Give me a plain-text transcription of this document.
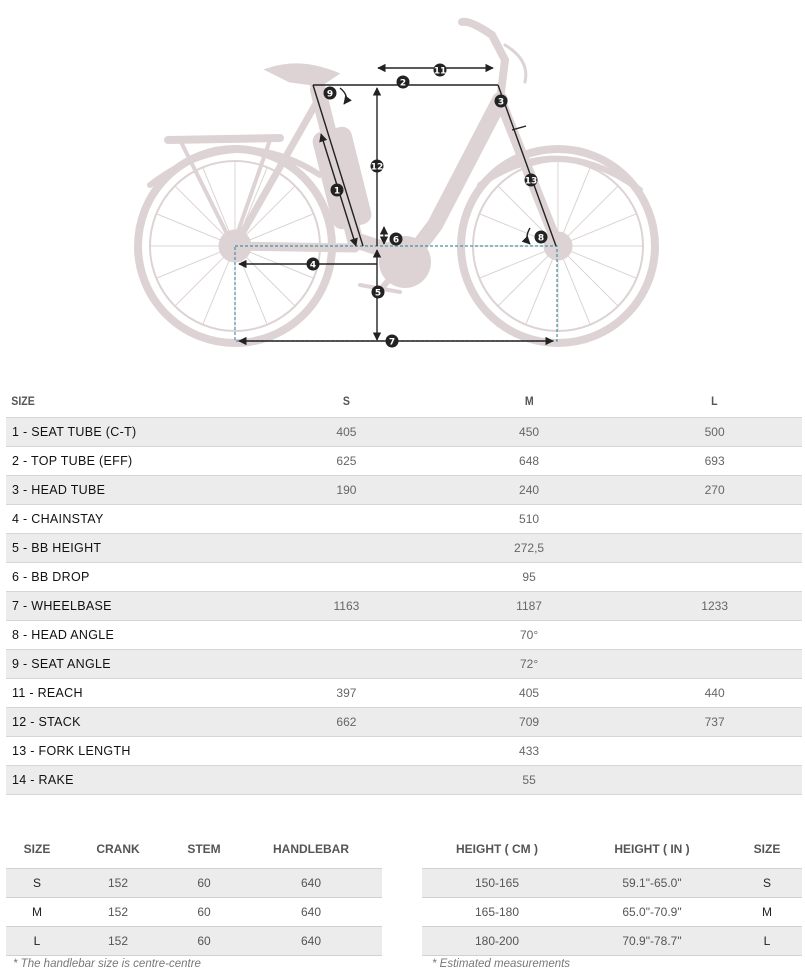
1
2
3
4
5
6
7
8
9
11
12
13
SIZE	S	M	L
1 - SEAT TUBE (C-T)	405	450	500
2 - TOP TUBE (EFF)	625	648	693
3 - HEAD TUBE	190	240	270
4 - CHAINSTAY		510	
5 - BB HEIGHT		272,5	
6 - BB DROP		95	
7 - WHEELBASE	1163	1187	1233
8 - HEAD ANGLE		70°	
9 - SEAT ANGLE		72°	
11 - REACH	397	405	440
12 - STACK	662	709	737
13 - FORK LENGTH		433	
14 - RAKE		55	
SIZE	CRANK	STEM	HANDLEBAR
S	152	60	640
M	152	60	640
L	152	60	640
HEIGHT ( CM )	HEIGHT ( IN )	SIZE
150-165	59.1"-65.0"	S
165-180	65.0"-70.9"	M
180-200	70.9"-78.7"	L
* The handlebar size is centre-centre	* Estimated measurements
